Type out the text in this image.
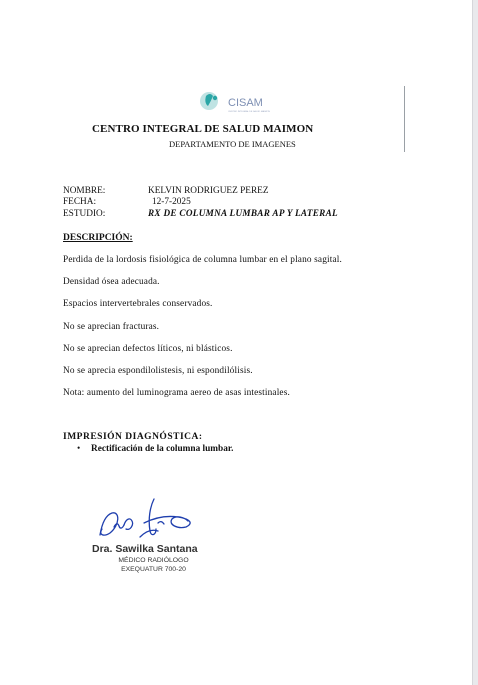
CISAM
CENTRO INTEGRAL DE SALUD MAIMON
CENTRO INTEGRAL DE SALUD MAIMON
DEPARTAMENTO DE IMAGENES
NOMBRE:	KELVIN RODRIGUEZ PEREZ
FECHA:	12-7-2025
ESTUDIO:	RX DE COLUMNA LUMBAR AP Y LATERAL
DESCRIPCIÓN:
Perdida de la lordosis fisiológica de columna lumbar en el plano sagital.
Densidad ósea adecuada.
Espacios intervertebrales conservados.
No se aprecian fracturas.
No se aprecian defectos líticos, ni blásticos.
No se aprecia espondilolistesis, ni espondilólisis.
Nota: aumento del luminograma aereo de asas intestinales.
IMPRESIÓN DIAGNÓSTICA:
• Rectificación de la columna lumbar.
Dra. Sawilka Santana
MÉDICO RADIÓLOGO
EXEQUATUR 700-20
